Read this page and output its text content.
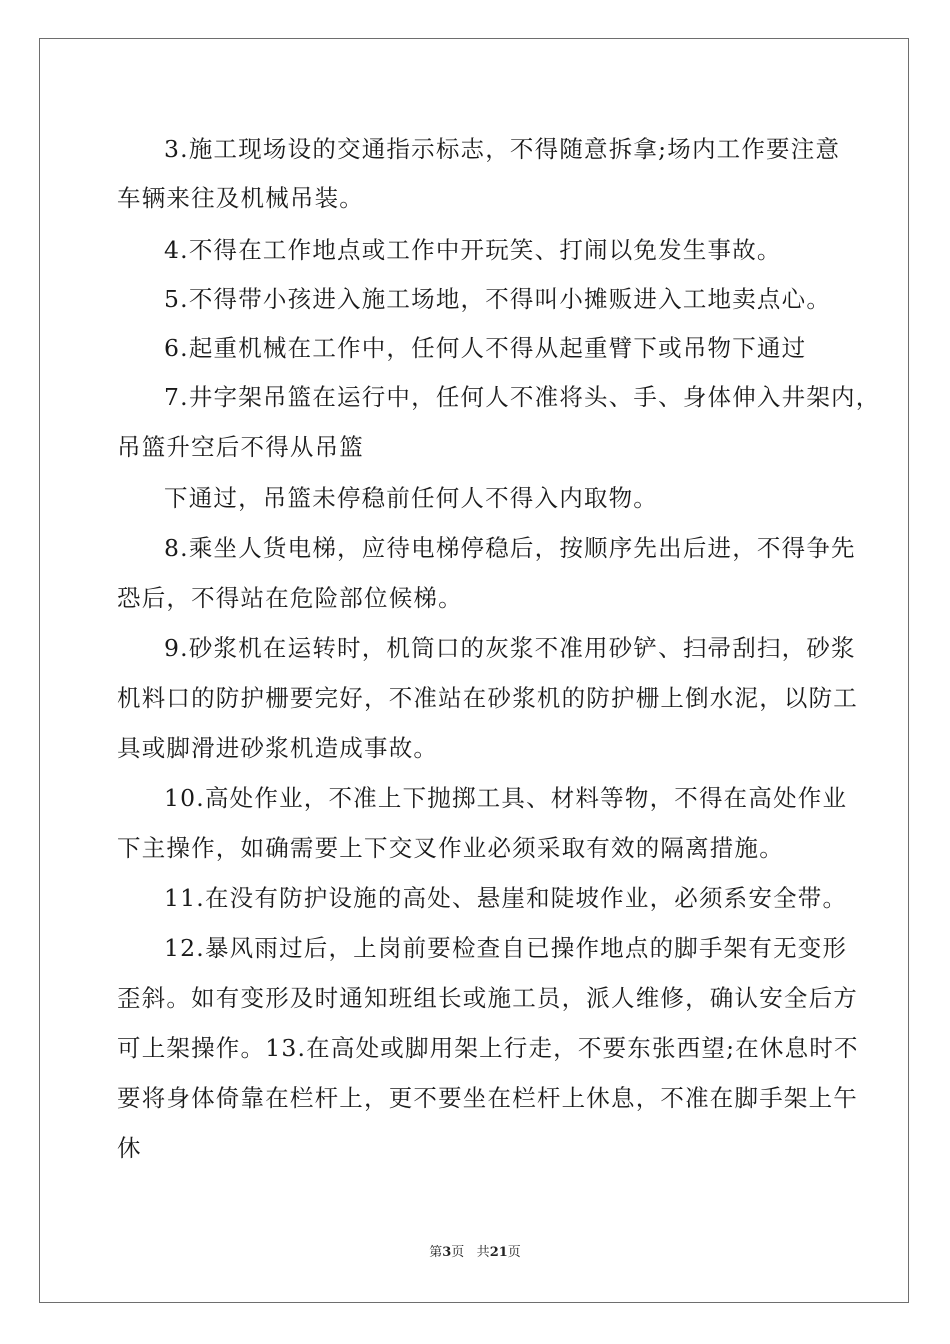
3.施工现场设的交通指示标志，不得随意拆拿;场内工作要注意
车辆来往及机械吊装。
4.不得在工作地点或工作中开玩笑、打闹以免发生事故。
5.不得带小孩进入施工场地，不得叫小摊贩进入工地卖点心。
6.起重机械在工作中，任何人不得从起重臂下或吊物下通过
7.井字架吊篮在运行中，任何人不准将头、手、身体伸入井架内，
吊篮升空后不得从吊篮
下通过，吊篮未停稳前任何人不得入内取物。
8.乘坐人货电梯，应待电梯停稳后，按顺序先出后进，不得争先
恐后，不得站在危险部位候梯。
9.砂浆机在运转时，机筒口的灰浆不准用砂铲、扫帚刮扫，砂浆
机料口的防护栅要完好，不准站在砂浆机的防护栅上倒水泥，以防工
具或脚滑进砂浆机造成事故。
10.高处作业，不准上下抛掷工具、材料等物，不得在高处作业
下主操作，如确需要上下交叉作业必须采取有效的隔离措施。
11.在没有防护设施的高处、悬崖和陡坡作业，必须系安全带。
12.暴风雨过后，上岗前要检查自已操作地点的脚手架有无变形
歪斜。如有变形及时通知班组长或施工员，派人维修，确认安全后方
可上架操作。13.在高处或脚用架上行走，不要东张西望;在休息时不
要将身体倚靠在栏杆上，更不要坐在栏杆上休息，不准在脚手架上午
休
第3页 共21页
